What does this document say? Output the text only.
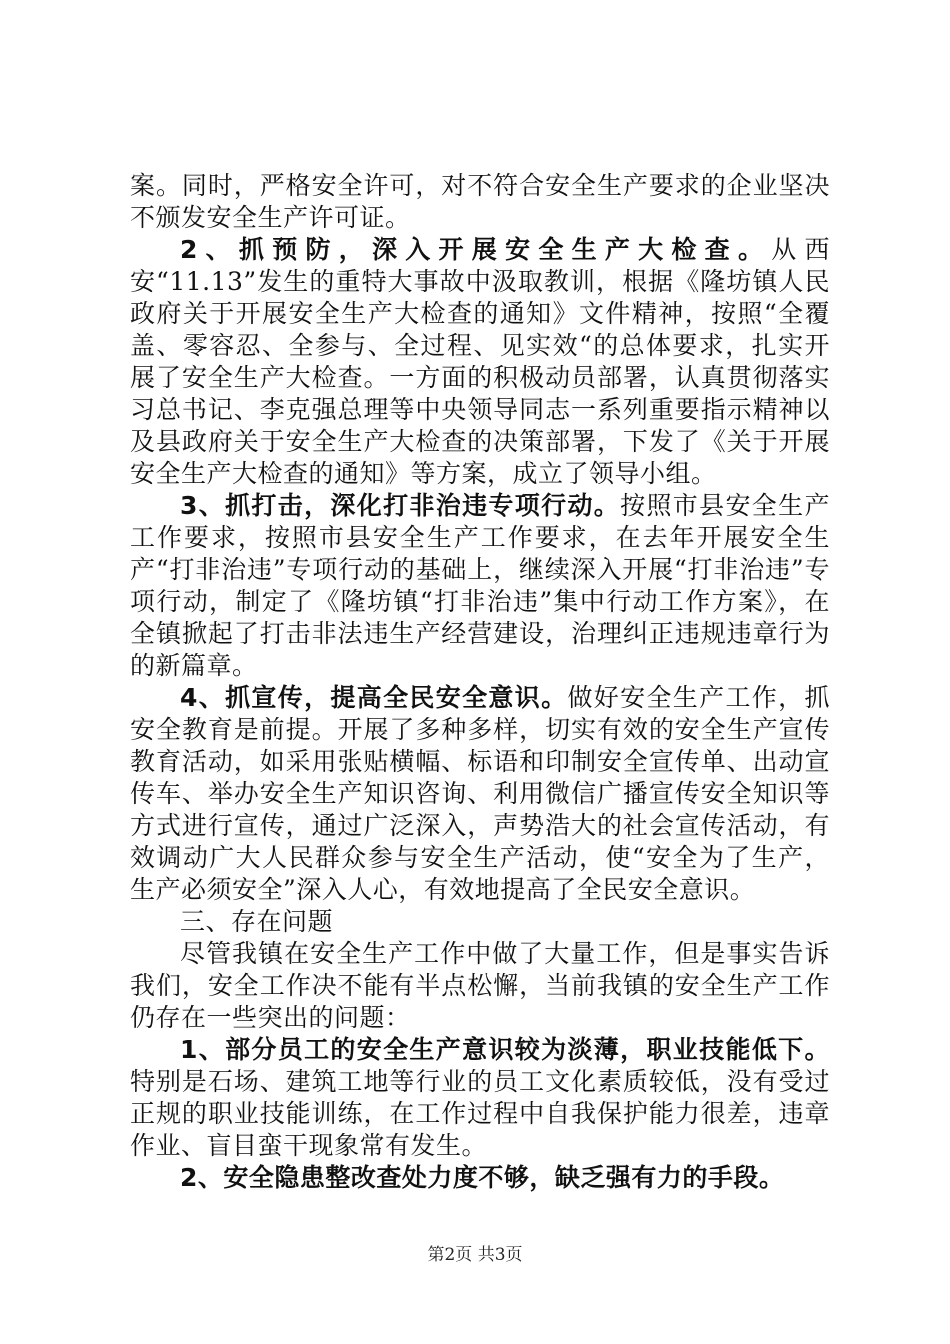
案。同时，严格安全许可，对不符合安全生产要求的企业坚决不颁发安全生产许可证。

2、抓预防，深入开展安全生产大检查。从西安“11.13”发生的重特大事故中汲取教训，根据《隆坊镇人民政府关于开展安全生产大检查的通知》文件精神，按照“全覆盖、零容忍、全参与、全过程、见实效“的总体要求，扎实开展了安全生产大检查。一方面的积极动员部署，认真贯彻落实习总书记、李克强总理等中央领导同志一系列重要指示精神以及县政府关于安全生产大检查的决策部署，下发了《关于开展安全生产大检查的通知》等方案，成立了领导小组。

3、抓打击，深化打非治违专项行动。按照市县安全生产工作要求，按照市县安全生产工作要求，在去年开展安全生产“打非治违”专项行动的基础上，继续深入开展“打非治违”专项行动，制定了《隆坊镇“打非治违”集中行动工作方案》，在全镇掀起了打击非法违生产经营建设，治理纠正违规违章行为的新篇章。

4、抓宣传，提高全民安全意识。做好安全生产工作，抓安全教育是前提。开展了多种多样，切实有效的安全生产宣传教育活动，如采用张贴横幅、标语和印制安全宣传单、出动宣传车、举办安全生产知识咨询、利用微信广播宣传安全知识等方式进行宣传，通过广泛深入，声势浩大的社会宣传活动，有效调动广大人民群众参与安全生产活动，使“安全为了生产，生产必须安全”深入人心，有效地提高了全民安全意识。

三、存在问题

尽管我镇在安全生产工作中做了大量工作，但是事实告诉我们，安全工作决不能有半点松懈，当前我镇的安全生产工作仍存在一些突出的问题：

1、部分员工的安全生产意识较为淡薄，职业技能低下。特别是石场、建筑工地等行业的员工文化素质较低，没有受过正规的职业技能训练，在工作过程中自我保护能力很差，违章作业、盲目蛮干现象常有发生。

2、安全隐患整改查处力度不够，缺乏强有力的手段。

第2页 共3页
